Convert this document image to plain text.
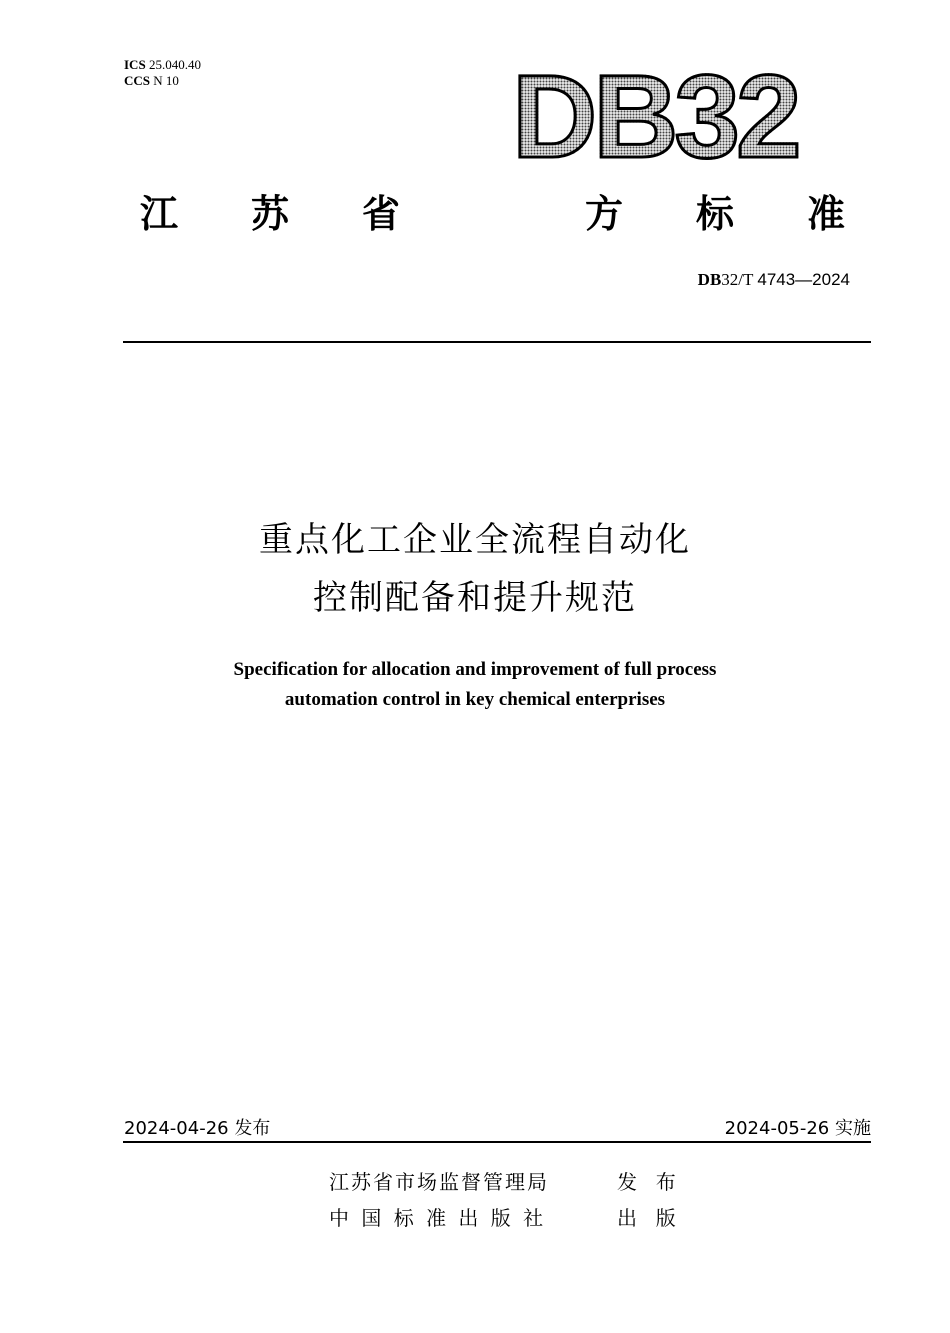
ICS 25.040.40
CCS N 10	DB32
江 苏 省	方 标 准
DB32/T 4743—2024
重点化工企业全流程自动化
控制配备和提升规范
Specification for allocation and improvement of full process
automation control in key chemical enterprises
2024-04-26 发布	2024-05-26 实施
江苏省市场监督管理局	发  布
中 国 标 准 出 版 社	出  版
